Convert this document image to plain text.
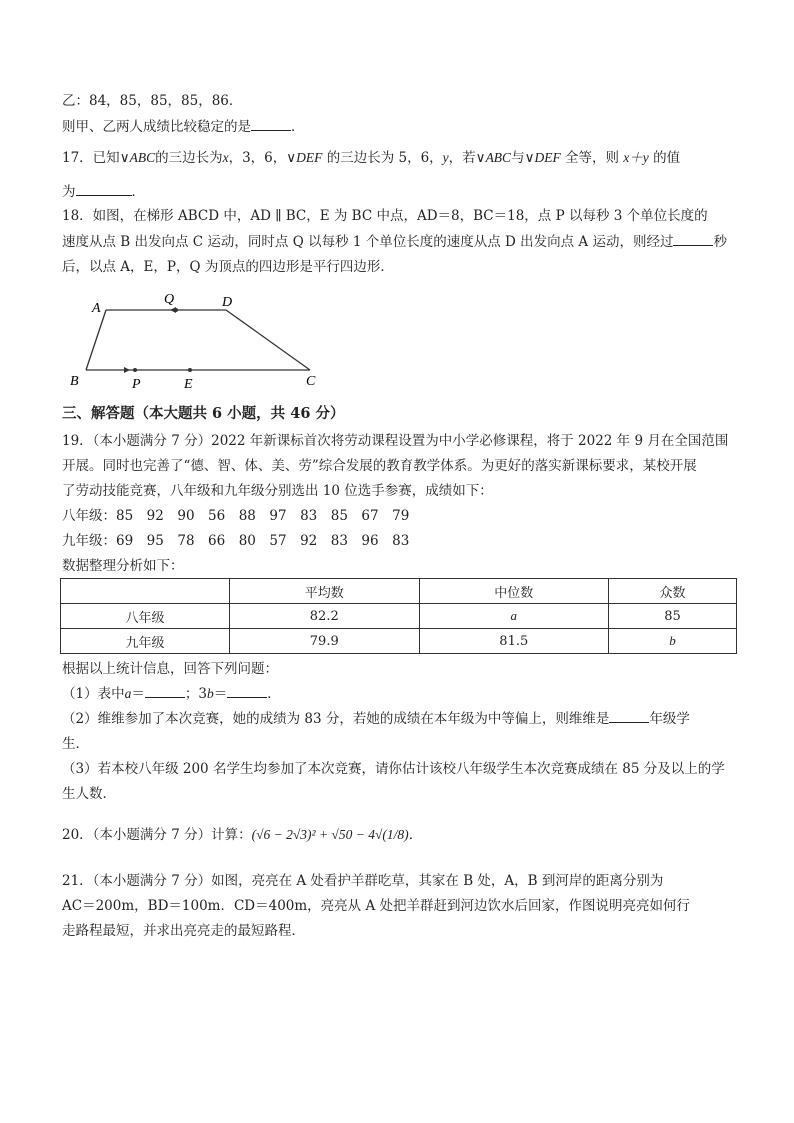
乙：84，85，85，85，86．
则甲、乙两人成绩比较稳定的是	．
17．已知∨ABC的三边长为x，3，6，∨DEF 的三边长为 5，6，y，若∨ABC与∨DEF 全等，则 x＋y 的值
为	．
18．如图，在梯形 ABCD 中，AD ∥ BC，E 为 BC 中点，AD＝8，BC＝18，点 P 以每秒 3 个单位长度的
速度从点 B 出发向点 C 运动，同时点 Q 以每秒 1 个单位长度的速度从点 D 出发向点 A 运动，则经过	秒
后，以点 A，E，P，Q 为顶点的四边形是平行四边形．
A
Q	D
B	P	E	C
三、解答题（本大题共 6 小题，共 46 分）
19．（本小题满分 7 分）2022 年新课标首次将劳动课程设置为中小学必修课程，将于 2022 年 9 月在全国范围
开展。同时也完善了“德、智、体、美、劳”综合发展的教育教学体系。为更好的落实新课标要求，某校开展
了劳动技能竞赛，八年级和九年级分别选出 10 位选手参赛，成绩如下：
八年级：85　92　90　56　88　97　83　85　67　79
九年级：69　95　78　66　80　57　92　83　96　83
数据整理分析如下：
	平均数	中位数	众数
八年级	82.2	a	85
九年级	79.9	81.5	b
根据以上统计信息，回答下列问题：
（1）表中a＝	；3b＝	．
（2）维维参加了本次竞赛，她的成绩为 83 分，若她的成绩在本年级为中等偏上，则维维是	年级学
生．
（3）若本校八年级 200 名学生均参加了本次竞赛，请你估计该校八年级学生本次竞赛成绩在 85 分及以上的学
生人数．
20．（本小题满分 7 分）计算：(√6 − 2√3)² + √50 − 4√(1/8)．
21．（本小题满分 7 分）如图，亮亮在 A 处看护羊群吃草，其家在 B 处，A，B 到河岸的距离分别为
AC＝200m，BD＝100m．CD＝400m，亮亮从 A 处把羊群赶到河边饮水后回家，作图说明亮亮如何行
走路程最短，并求出亮亮走的最短路程．
